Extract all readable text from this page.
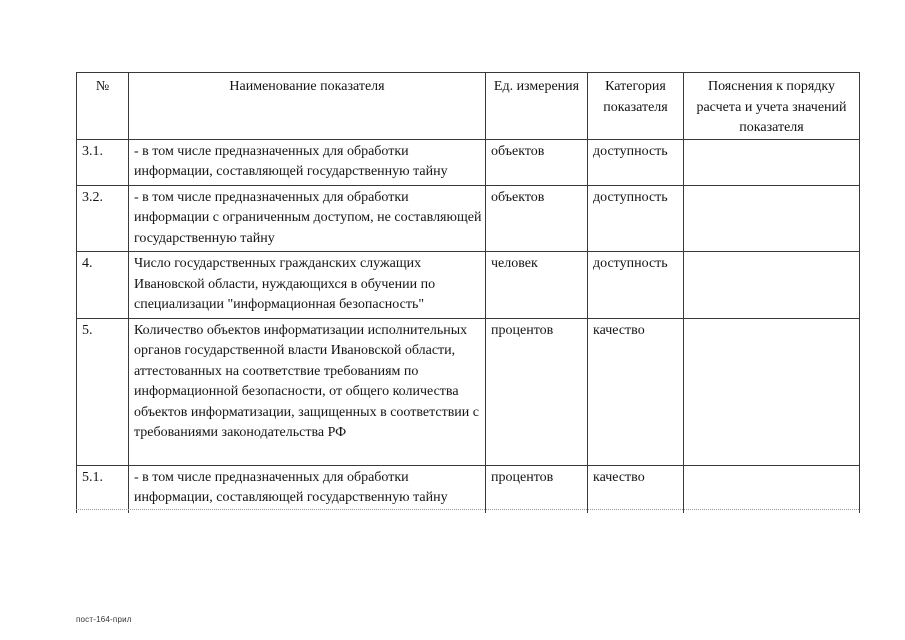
№	Наименование показателя	Ед. измерения	Категория показателя	Пояснения к порядку расчета и учета значений показателя
3.1.	- в том числе предназначенных для обработки информации, составляющей государственную тайну	объектов	доступность	
3.2.	- в том числе предназначенных для обработки информации с ограниченным доступом, не составляющей государственную тайну	объектов	доступность	
4.	Число государственных гражданских служащих Ивановской области, нуждающихся в обучении по специализации "информационная безопасность"	человек	доступность	
5.	Количество объектов информатизации исполнительных органов государственной власти Ивановской области, аттестованных на соответствие требованиям по информационной безопасности, от общего количества объектов информатизации, защищенных в соответствии с требованиями законодательства РФ	процентов	качество	
5.1.	- в том числе предназначенных для обработки информации, составляющей государственную тайну	процентов	качество	
пост-164-прил
